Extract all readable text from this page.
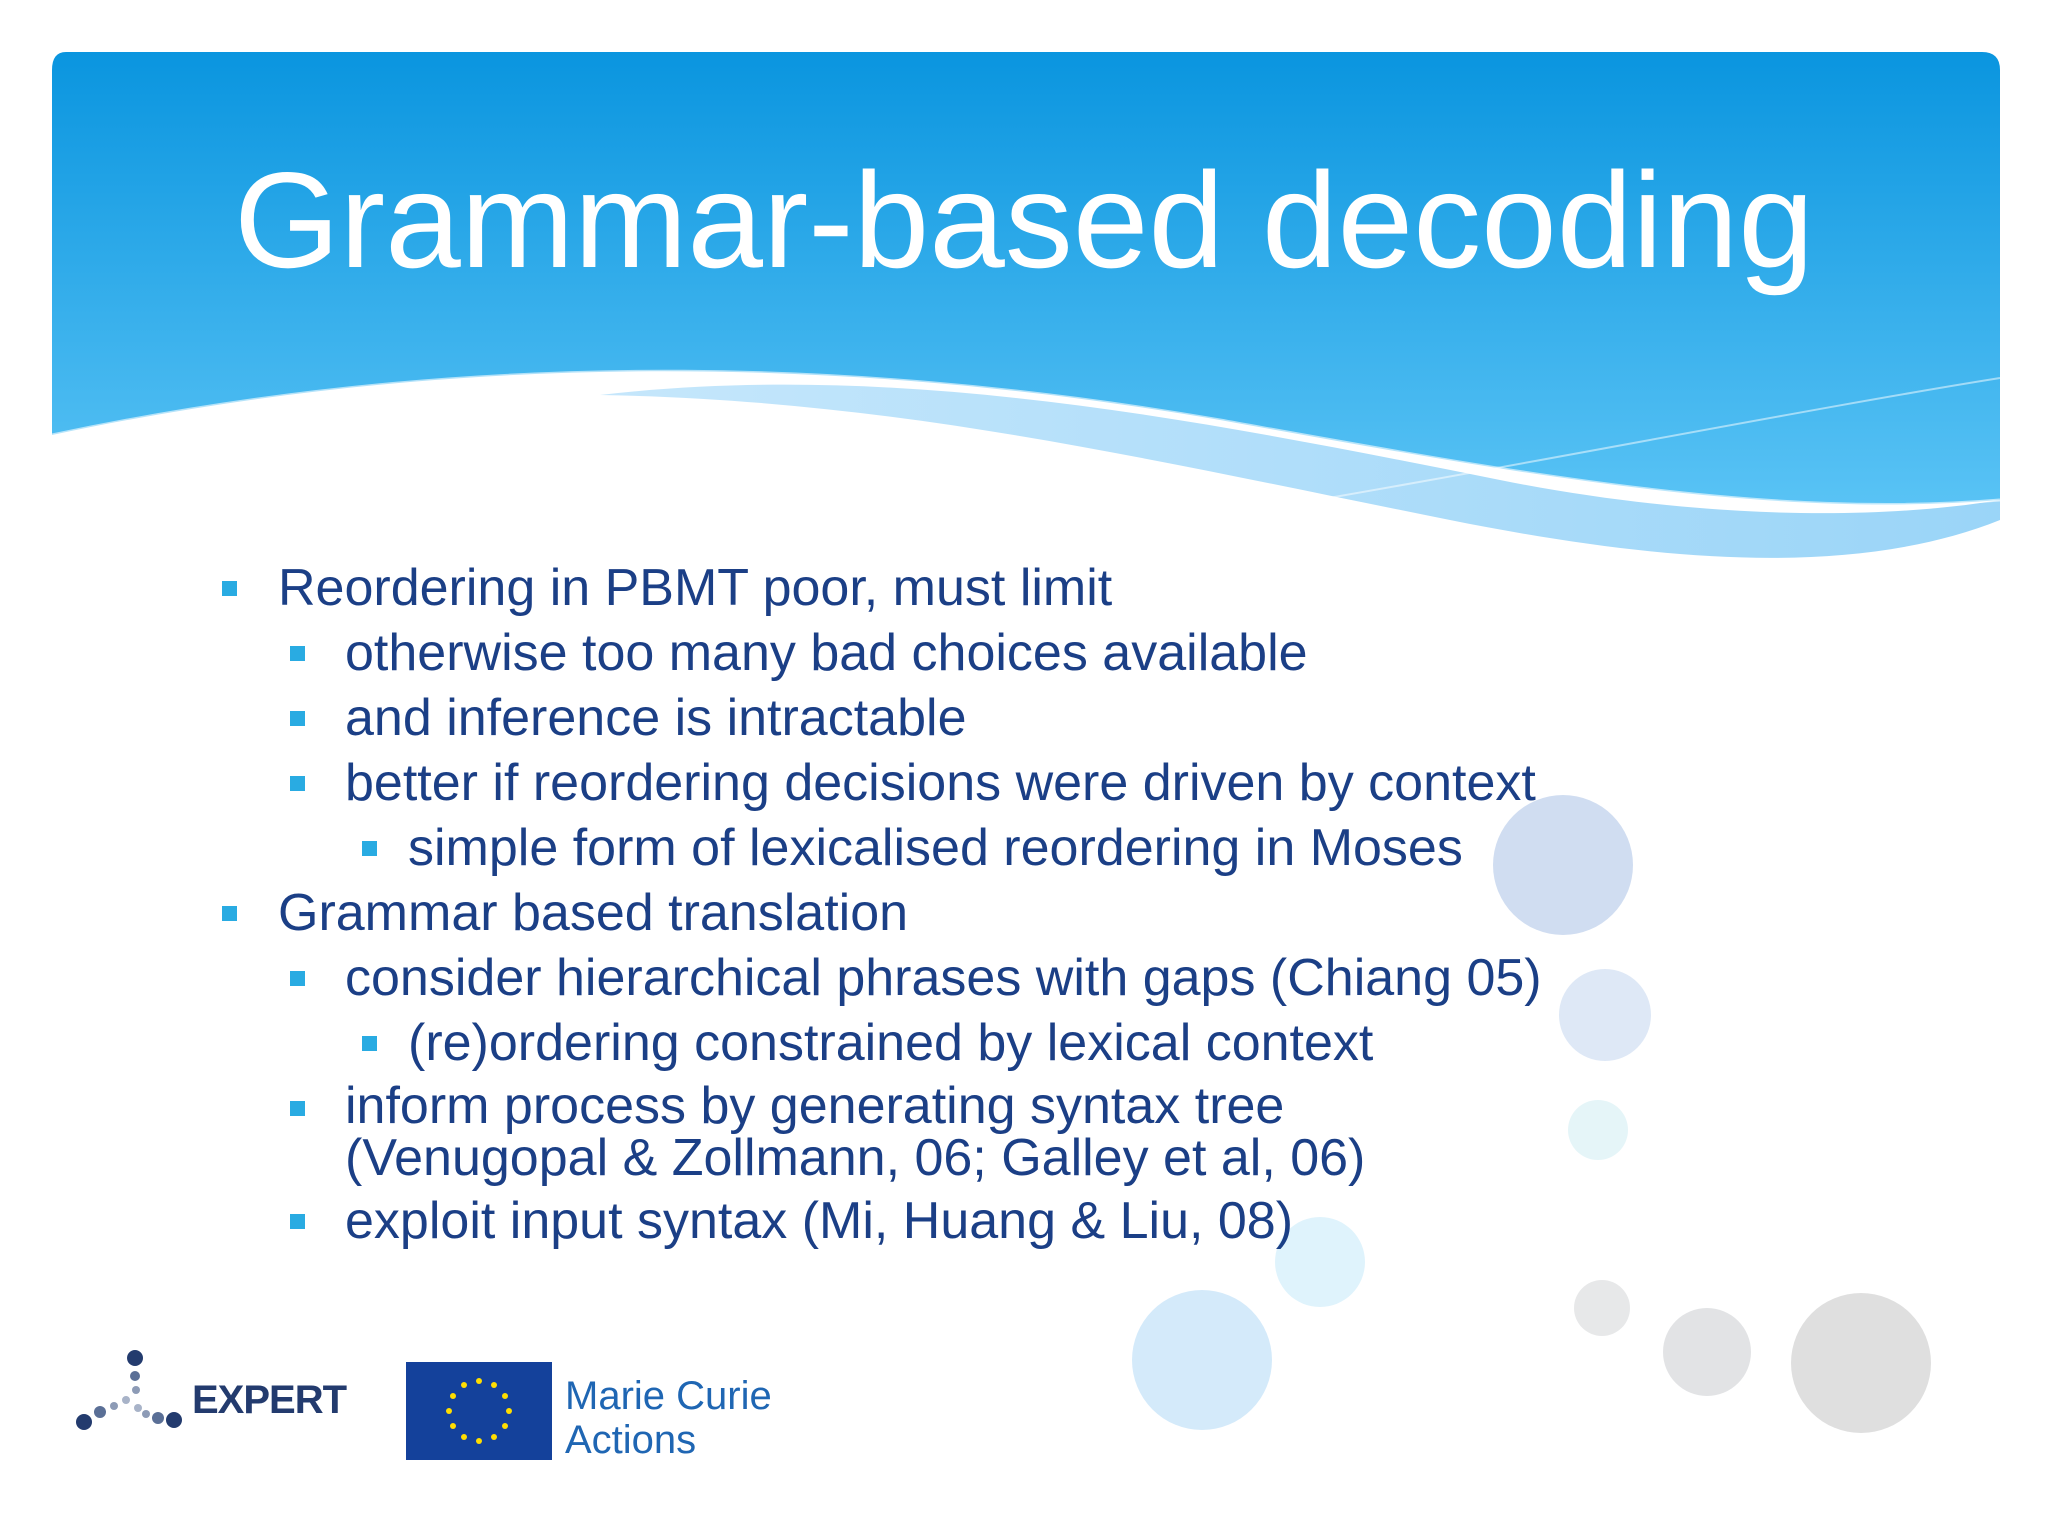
Grammar-based decoding
Reordering in PBMT poor, must limit
otherwise too many bad choices available
and inference is intractable
better if reordering decisions were driven by context
simple form of lexicalised reordering in Moses
Grammar based translation
consider hierarchical phrases with gaps (Chiang 05)
(re)ordering constrained by lexical context
inform process by generating syntax tree (Venugopal & Zollmann, 06; Galley et al, 06)
exploit input syntax (Mi, Huang & Liu, 08)
EXPERT	Marie Curie
Actions
